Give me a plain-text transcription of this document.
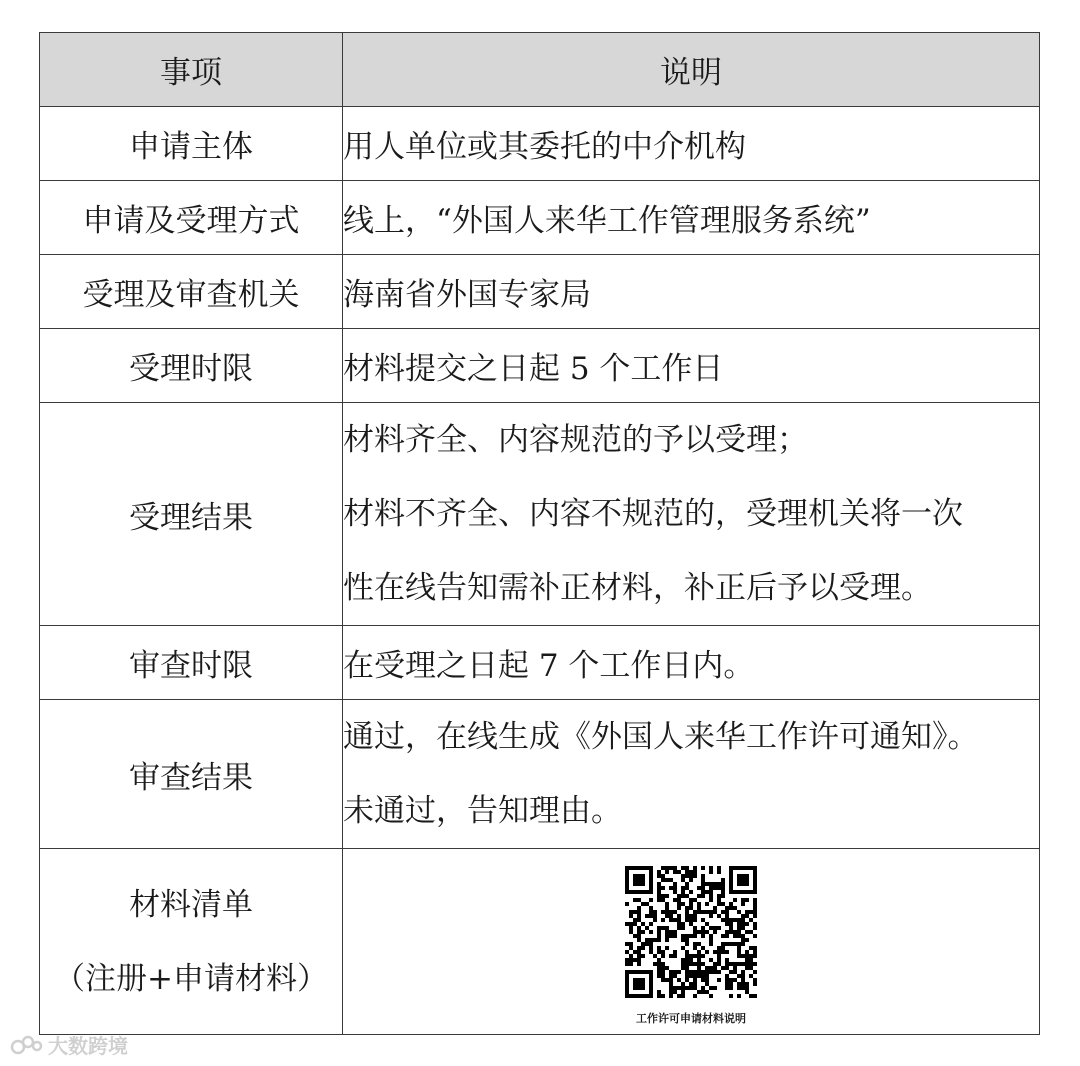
事项	说明
申请主体	用人单位或其委托的中介机构
申请及受理方式	线上，“外国人来华工作管理服务系统”
受理及审查机关	海南省外国专家局
受理时限	材料提交之日起 5 个工作日
受理结果	材料齐全、内容规范的予以受理；
材料不齐全、内容不规范的，受理机关将一次
性在线告知需补正材料，补正后予以受理。

审查时限	在受理之日起 7 个工作日内。
审查结果	通过，在线生成《外国人来华工作许可通知》。
未通过，告知理由。

材料清单
（注册+申请材料）	工作许可申请材料说明
大数跨境
